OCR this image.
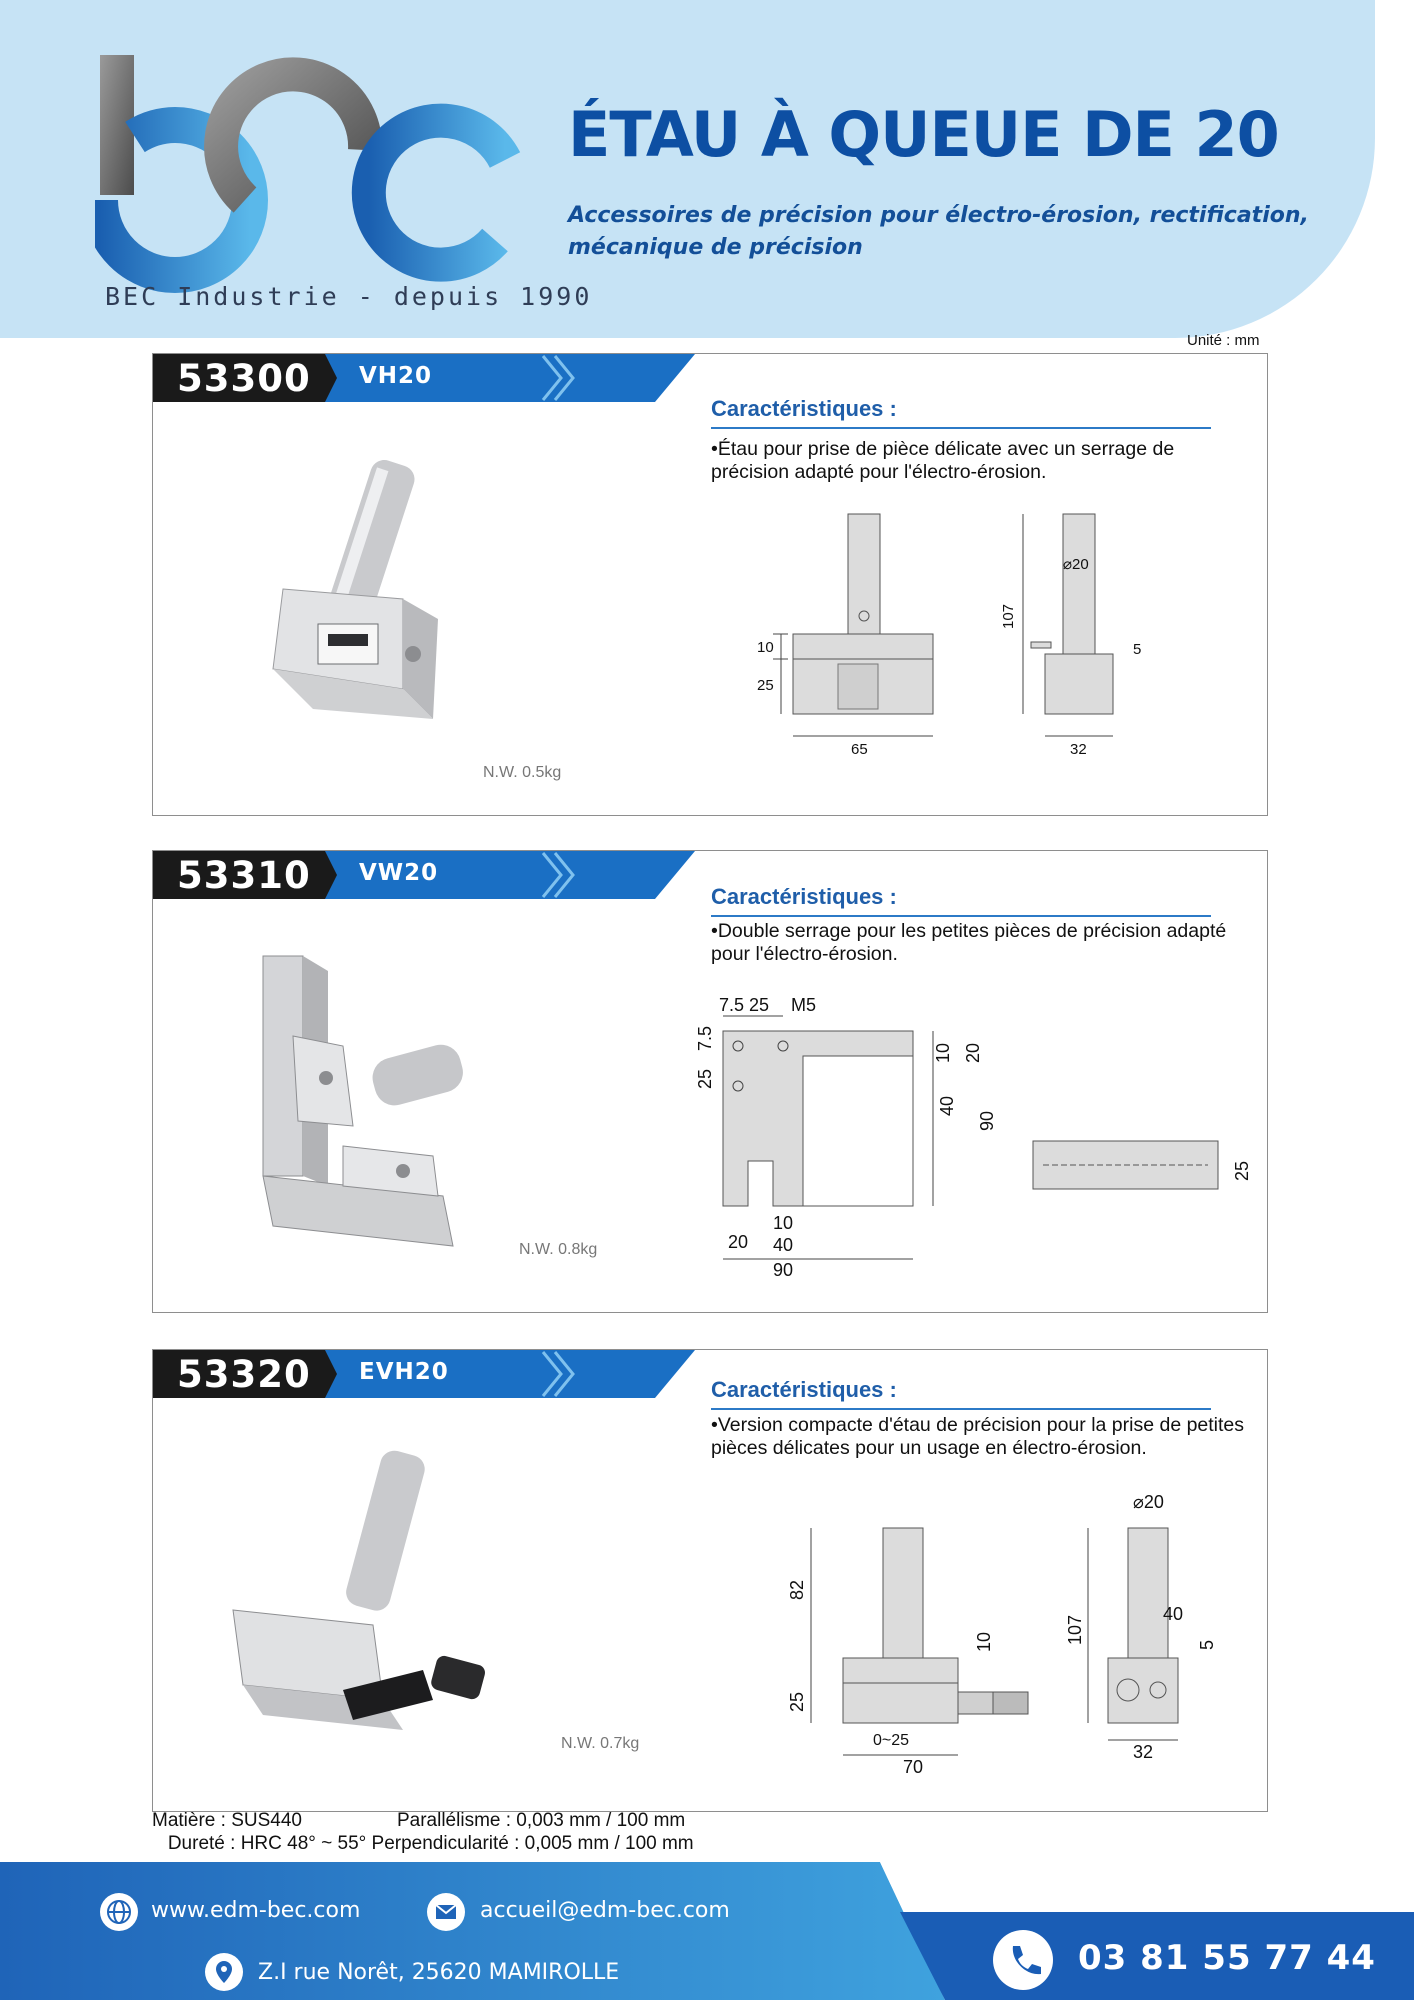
BEC Industrie - depuis 1990
ÉTAU À QUEUE DE 20
Accessoires de précision pour électro-érosion, rectification, mécanique de précision
Unité : mm
53300 VH20
N.W. 0.5kg
Caractéristiques :
•Étau pour prise de pièce délicate avec un serrage de précision adapté pour l'électro-érosion.
10
25
65
107
⌀20
5
32
53310 VW20
N.W. 0.8kg
Caractéristiques :
•Double serrage pour les petites pièces de précision adapté pour l'électro-érosion.
7.5 25 M5
7.5
25
10 20
40
90
10
20 40
90
25
53320 EVH20
N.W. 0.7kg
Caractéristiques :
•Version compacte d'étau de précision pour la prise de petites pièces délicates pour un usage en électro-érosion.
82
10
25
0~25
70
⌀20
107
40
5
32
Matière : SUS440                  Parallélisme : 0,003 mm / 100 mm
Dureté : HRC 48° ~ 55° Perpendicularité : 0,005 mm / 100 mm
www.edm-bec.com	accueil@edm-bec.com
Z.I rue Norêt, 25620 MAMIROLLE	03 81 55 77 44
